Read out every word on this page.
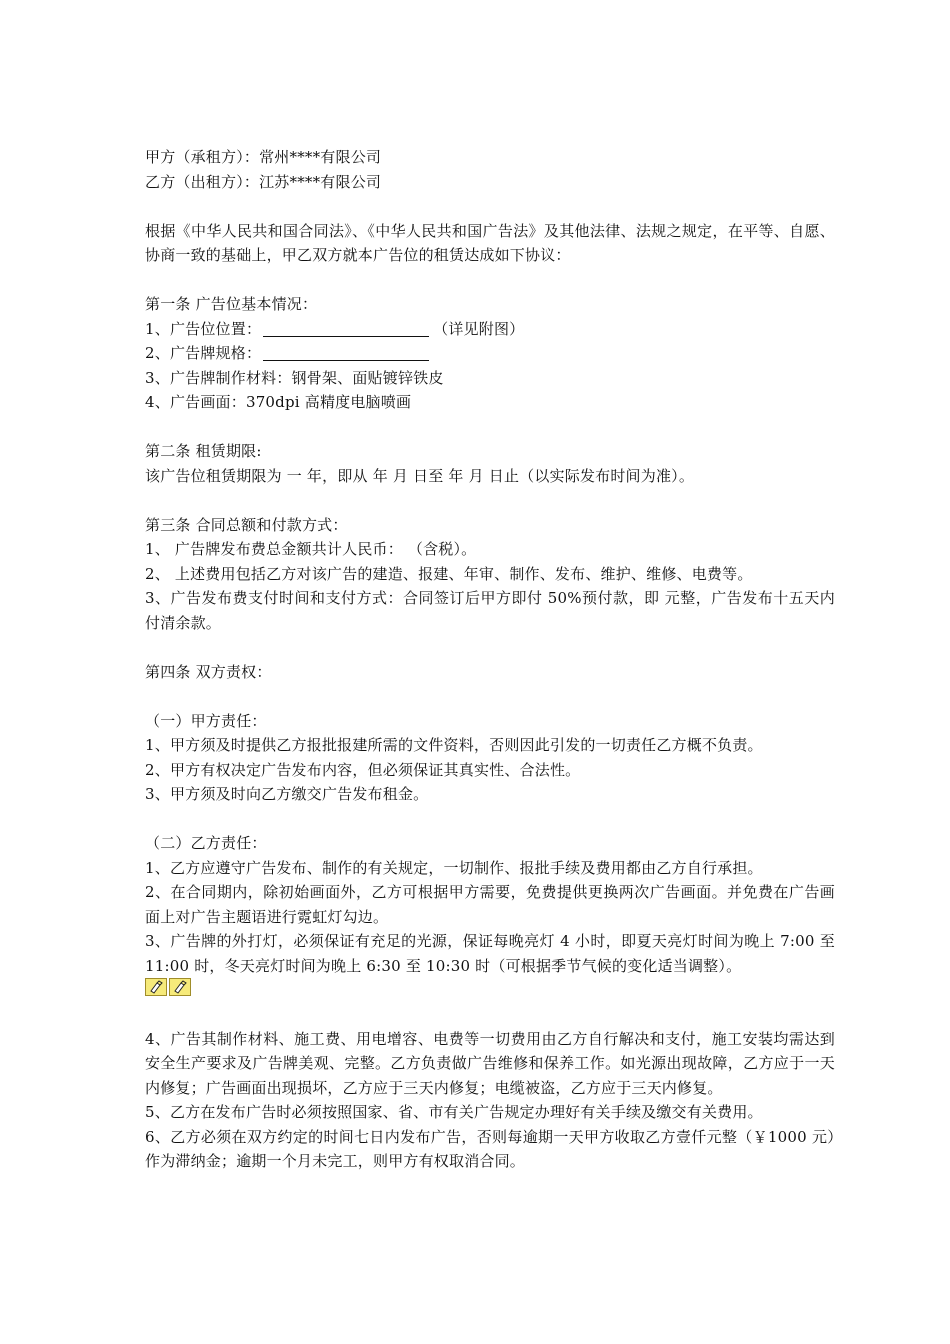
甲方（承租方）：常州****有限公司
乙方（出租方）：江苏****有限公司
根据《中华人民共和国合同法》、《中华人民共和国广告法》及其他法律、法规之规定，在平等、自愿、协商一致的基础上，甲乙双方就本广告位的租赁达成如下协议：
第一条 广告位基本情况：
1、广告位位置：	（详见附图）
2、广告牌规格：
3、广告牌制作材料：钢骨架、面贴镀锌铁皮
4、广告画面：370dpi 高精度电脑喷画
第二条 租赁期限:
该广告位租赁期限为 一 年，即从 年 月 日至 年 月 日止（以实际发布时间为准）。
第三条 合同总额和付款方式：
1、 广告牌发布费总金额共计人民币： （含税）。
2、 上述费用包括乙方对该广告的建造、报建、年审、制作、发布、维护、维修、电费等。
3、广告发布费支付时间和支付方式：合同签订后甲方即付 50%预付款，即 元整，广告发布十五天内付清余款。
第四条 双方责权：
（一）甲方责任：
1、甲方须及时提供乙方报批报建所需的文件资料，否则因此引发的一切责任乙方概不负责。
2、甲方有权决定广告发布内容，但必须保证其真实性、合法性。
3、甲方须及时向乙方缴交广告发布租金。
（二）乙方责任：
1、乙方应遵守广告发布、制作的有关规定，一切制作、报批手续及费用都由乙方自行承担。
2、在合同期内，除初始画面外，乙方可根据甲方需要，免费提供更换两次广告画面。并免费在广告画面上对广告主题语进行霓虹灯勾边。
3、广告牌的外打灯，必须保证有充足的光源，保证每晚亮灯 4 小时，即夏天亮灯时间为晚上 7:00 至 11:00 时，冬天亮灯时间为晚上 6:30 至 10:30 时（可根据季节气候的变化适当调整）。
4、广告其制作材料、施工费、用电增容、电费等一切费用由乙方自行解决和支付，施工安装均需达到安全生产要求及广告牌美观、完整。乙方负责做广告维修和保养工作。如光源出现故障，乙方应于一天内修复；广告画面出现损坏，乙方应于三天内修复；电缆被盗，乙方应于三天内修复。
5、乙方在发布广告时必须按照国家、省、市有关广告规定办理好有关手续及缴交有关费用。
6、乙方必须在双方约定的时间七日内发布广告，否则每逾期一天甲方收取乙方壹仟元整（￥1000 元）作为滞纳金；逾期一个月未完工，则甲方有权取消合同。
